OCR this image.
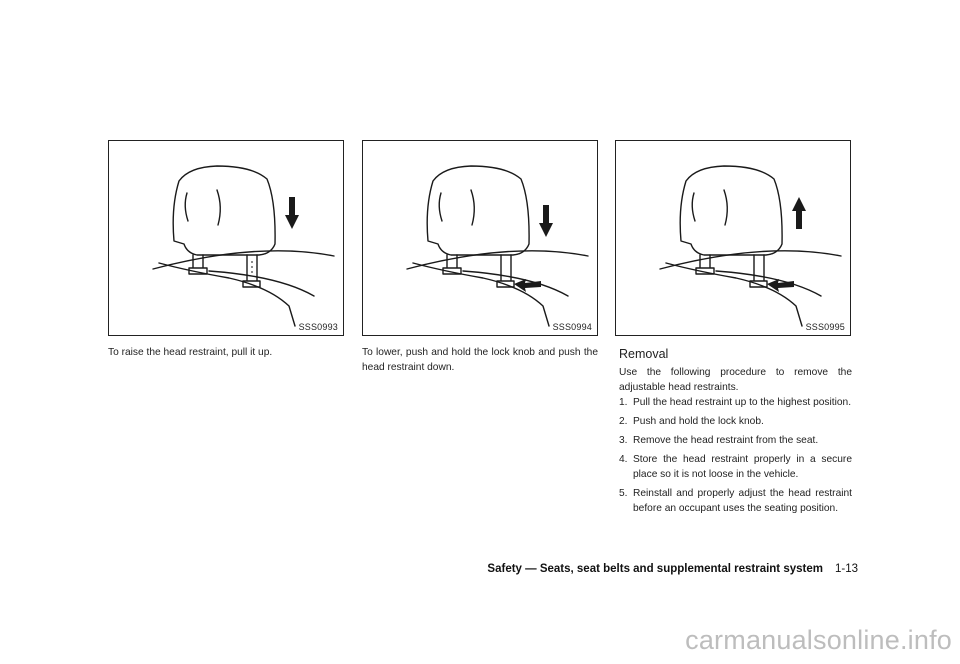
SSS0993	SSS0994	SSS0995
To raise the head restraint, pull it up.	To lower, push and hold the lock knob and push the head restraint down.
Removal
Use the following procedure to remove the adjustable head restraints.
1. Pull the head restraint up to the highest position.
2. Push and hold the lock knob.
3. Remove the head restraint from the seat.
4. Store the head restraint properly in a secure place so it is not loose in the vehicle.
5. Reinstall and properly adjust the head restraint before an occupant uses the seating position.
Safety — Seats, seat belts and supplemental restraint system 1-13
carmanualsonline.info
